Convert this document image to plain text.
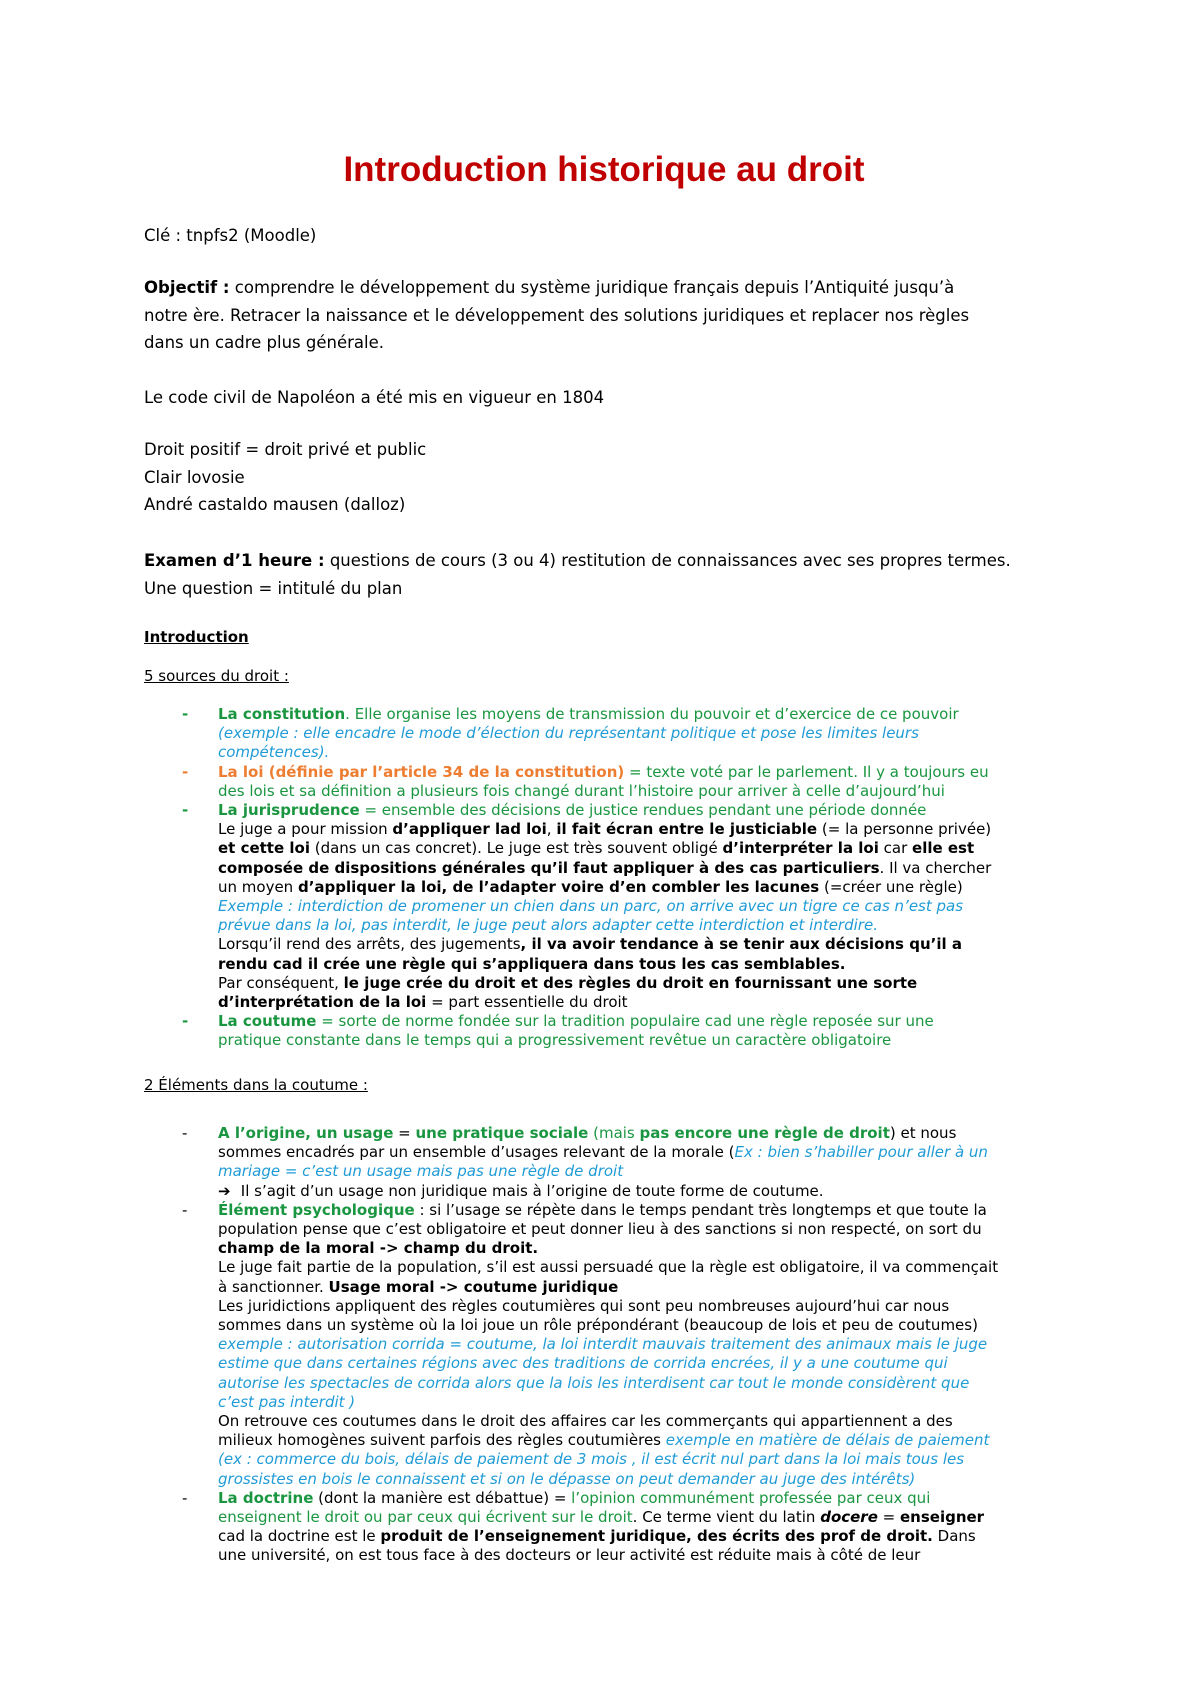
Introduction historique au droit

Clé : tnpfs2 (Moodle)

Objectif : comprendre le développement du système juridique français depuis l’Antiquité jusqu’à
notre ère. Retracer la naissance et le développement des solutions juridiques et replacer nos règles
dans un cadre plus générale.

Le code civil de Napoléon a été mis en vigueur en 1804

Droit positif = droit privé et public
Clair lovosie
André castaldo mausen (dalloz)

Examen d’1 heure : questions de cours (3 ou 4) restitution de connaissances avec ses propres termes.
Une question = intitulé du plan

Introduction

5 sources du droit :

-	La constitution. Elle organise les moyens de transmission du pouvoir et d’exercice de ce pouvoir
(exemple : elle encadre le mode d’élection du représentant politique et pose les limites leurs
compétences).
-	La loi (définie par l’article 34 de la constitution) = texte voté par le parlement. Il y a toujours eu
des lois et sa définition a plusieurs fois changé durant l’histoire pour arriver à celle d’aujourd’hui
-	La jurisprudence = ensemble des décisions de justice rendues pendant une période donnée
Le juge a pour mission d’appliquer lad loi, il fait écran entre le justiciable (= la personne privée)
et cette loi (dans un cas concret). Le juge est très souvent obligé d’interpréter la loi car elle est
composée de dispositions générales qu’il faut appliquer à des cas particuliers. Il va chercher
un moyen d’appliquer la loi, de l’adapter voire d’en combler les lacunes (=créer une règle)
Exemple : interdiction de promener un chien dans un parc, on arrive avec un tigre ce cas n’est pas
prévue dans la loi, pas interdit, le juge peut alors adapter cette interdiction et interdire.
Lorsqu’il rend des arrêts, des jugements, il va avoir tendance à se tenir aux décisions qu’il a
rendu cad il crée une règle qui s’appliquera dans tous les cas semblables.
Par conséquent, le juge crée du droit et des règles du droit en fournissant une sorte
d’interprétation de la loi = part essentielle du droit
-	La coutume = sorte de norme fondée sur la tradition populaire cad une règle reposée sur une
pratique constante dans le temps qui a progressivement revêtue un caractère obligatoire

2 Éléments dans la coutume :

-	A l’origine, un usage = une pratique sociale (mais pas encore une règle de droit) et nous
sommes encadrés par un ensemble d’usages relevant de la morale (Ex : bien s’habiller pour aller à un
mariage = c’est un usage mais pas une règle de droit
➔ Il s’agit d’un usage non juridique mais à l’origine de toute forme de coutume.
-	Élément psychologique : si l’usage se répète dans le temps pendant très longtemps et que toute la
population pense que c’est obligatoire et peut donner lieu à des sanctions si non respecté, on sort du
champ de la moral -> champ du droit.
Le juge fait partie de la population, s’il est aussi persuadé que la règle est obligatoire, il va commençait
à sanctionner. Usage moral -> coutume juridique
Les juridictions appliquent des règles coutumières qui sont peu nombreuses aujourd’hui car nous
sommes dans un système où la loi joue un rôle prépondérant (beaucoup de lois et peu de coutumes)
exemple : autorisation corrida = coutume, la loi interdit mauvais traitement des animaux mais le juge
estime que dans certaines régions avec des traditions de corrida encrées, il y a une coutume qui
autorise les spectacles de corrida alors que la lois les interdisent car tout le monde considèrent que
c’est pas interdit )
On retrouve ces coutumes dans le droit des affaires car les commerçants qui appartiennent a des
milieux homogènes suivent parfois des règles coutumières exemple en matière de délais de paiement
(ex : commerce du bois, délais de paiement de 3 mois , il est écrit nul part dans la loi mais tous les
grossistes en bois le connaissent et si on le dépasse on peut demander au juge des intérêts)
-	La doctrine (dont la manière est débattue) = l’opinion communément professée par ceux qui
enseignent le droit ou par ceux qui écrivent sur le droit. Ce terme vient du latin docere = enseigner
cad la doctrine est le produit de l’enseignement juridique, des écrits des prof de droit. Dans
une université, on est tous face à des docteurs or leur activité est réduite mais à côté de leur
